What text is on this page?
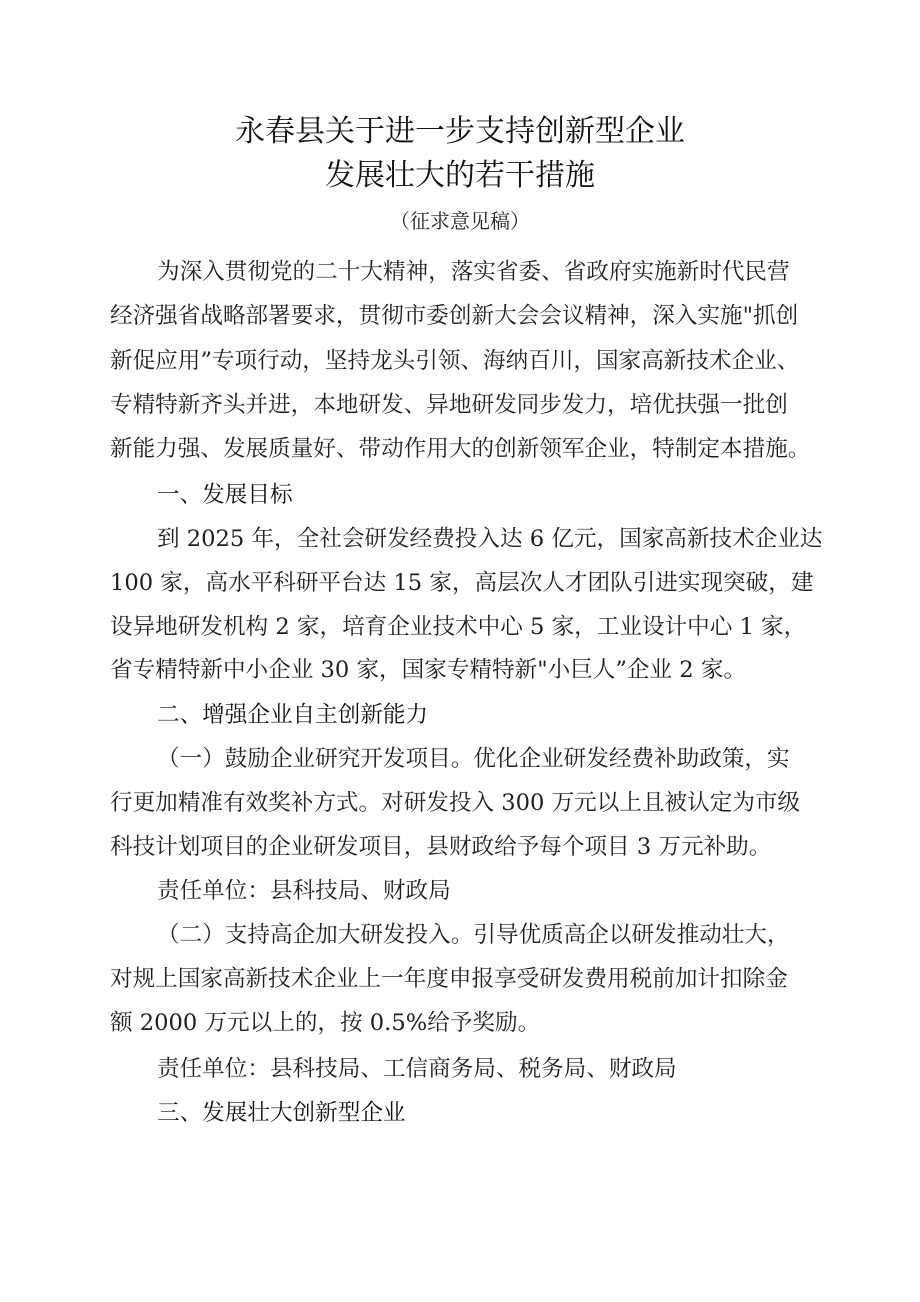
永春县关于进一步支持创新型企业
发展壮大的若干措施
（征求意见稿）
为深入贯彻党的二十大精神，落实省委、省政府实施新时代民营
经济强省战略部署要求，贯彻市委创新大会会议精神，深入实施"抓创
新促应用”专项行动，坚持龙头引领、海纳百川，国家高新技术企业、
专精特新齐头并进，本地研发、异地研发同步发力，培优扶强一批创
新能力强、发展质量好、带动作用大的创新领军企业，特制定本措施。
一、发展目标
到 2025 年，全社会研发经费投入达 6 亿元，国家高新技术企业达
100 家，高水平科研平台达 15 家，高层次人才团队引进实现突破，建
设异地研发机构 2 家，培育企业技术中心 5 家，工业设计中心 1 家，
省专精特新中小企业 30 家，国家专精特新"小巨人”企业 2 家。
二、增强企业自主创新能力
（一）鼓励企业研究开发项目。优化企业研发经费补助政策，实
行更加精准有效奖补方式。对研发投入 300 万元以上且被认定为市级
科技计划项目的企业研发项目，县财政给予每个项目 3 万元补助。
责任单位：县科技局、财政局
（二）支持高企加大研发投入。引导优质高企以研发推动壮大，
对规上国家高新技术企业上一年度申报享受研发费用税前加计扣除金
额 2000 万元以上的，按 0.5%给予奖励。
责任单位：县科技局、工信商务局、税务局、财政局
三、发展壮大创新型企业
